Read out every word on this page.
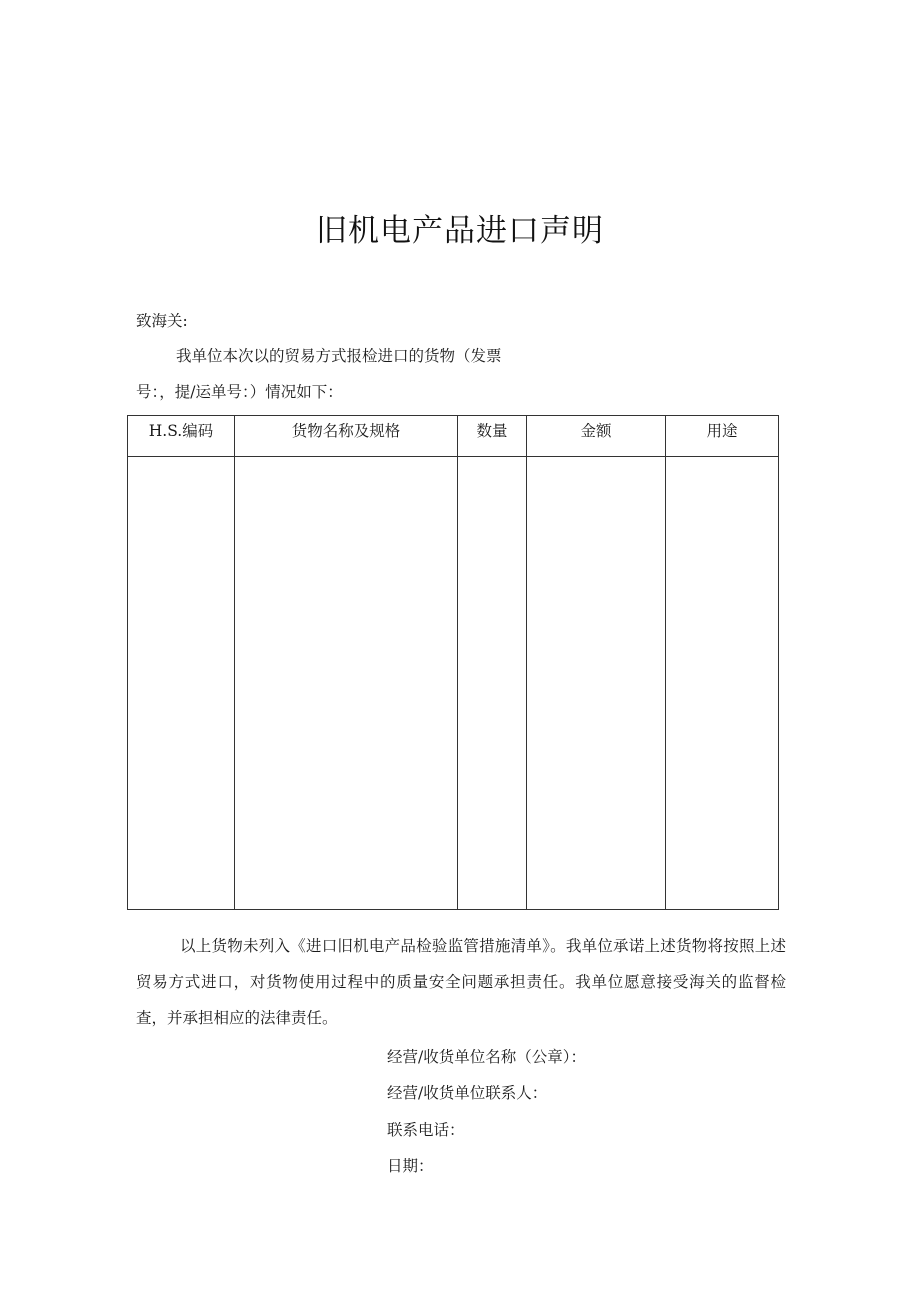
旧机电产品进口声明
致海关:
我单位本次以的贸易方式报检进口的货物（发票
号：，提/运单号：）情况如下：
H.S.编码	货物名称及规格	数量	金额	用途

以上货物未列入《进口旧机电产品检验监管措施清单》。我单位承诺上述货物将按照上述贸易方式进口，对货物使用过程中的质量安全问题承担责任。我单位愿意接受海关的监督检查，并承担相应的法律责任。
经营/收货单位名称（公章）：
经营/收货单位联系人：
联系电话：
日期：
